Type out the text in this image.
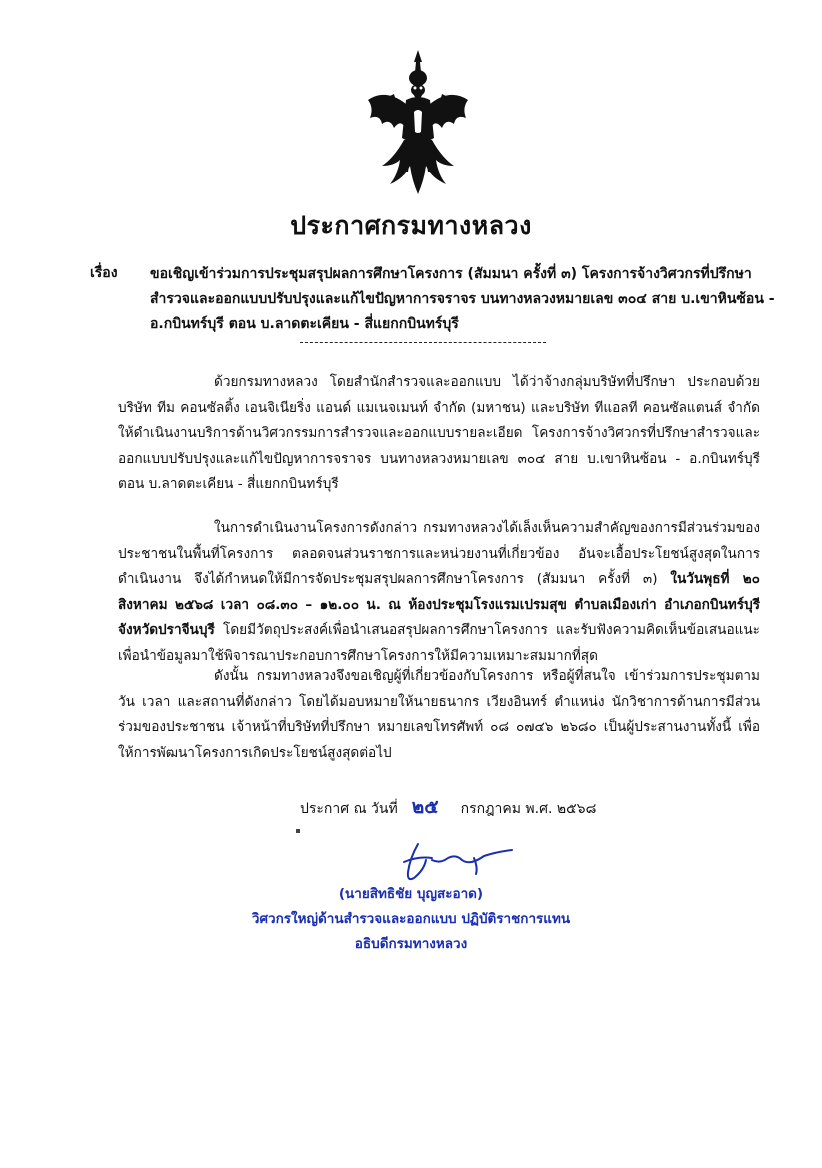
ประกาศกรมทางหลวง
เรื่อง ขอเชิญเข้าร่วมการประชุมสรุปผลการศึกษาโครงการ (สัมมนา ครั้งที่ ๓) โครงการจ้างวิศวกรที่ปรึกษาสำรวจและออกแบบปรับปรุงและแก้ไขปัญหาการจราจร บนทางหลวงหมายเลข ๓๐๔ สาย บ.เขาหินซ้อน - อ.กบินทร์บุรี ตอน บ.ลาดตะเคียน - สี่แยกกบินทร์บุรี
ด้วยกรมทางหลวง โดยสำนักสำรวจและออกแบบ ได้ว่าจ้างกลุ่มบริษัทที่ปรึกษา ประกอบด้วย บริษัท ทีม คอนซัลติ้ง เอนจิเนียริ่ง แอนด์ แมเนจเมนท์ จำกัด (มหาชน) และบริษัท ทีแอลที คอนซัลแตนส์ จำกัด ให้ดำเนินงานบริการด้านวิศวกรรมการสำรวจและออกแบบรายละเอียด โครงการจ้างวิศวกรที่ปรึกษาสำรวจและออกแบบปรับปรุงและแก้ไขปัญหาการจราจร บนทางหลวงหมายเลข ๓๐๔ สาย บ.เขาหินซ้อน - อ.กบินทร์บุรี ตอน บ.ลาดตะเคียน - สี่แยกกบินทร์บุรี
ในการดำเนินงานโครงการดังกล่าว กรมทางหลวงได้เล็งเห็นความสำคัญของการมีส่วนร่วมของประชาชนในพื้นที่โครงการ ตลอดจนส่วนราชการและหน่วยงานที่เกี่ยวข้อง อันจะเอื้อประโยชน์สูงสุดในการดำเนินงาน จึงได้กำหนดให้มีการจัดประชุมสรุปผลการศึกษาโครงการ (สัมมนา ครั้งที่ ๓) ในวันพุธที่ ๒๐ สิงหาคม ๒๕๖๘ เวลา ๐๘.๓๐ – ๑๒.๐๐ น. ณ ห้องประชุมโรงแรมเปรมสุข ตำบลเมืองเก่า อำเภอกบินทร์บุรี จังหวัดปราจีนบุรี โดยมีวัตถุประสงค์เพื่อนำเสนอสรุปผลการศึกษาโครงการ และรับฟังความคิดเห็นข้อเสนอแนะ เพื่อนำข้อมูลมาใช้พิจารณาประกอบการศึกษาโครงการให้มีความเหมาะสมมากที่สุด
ดังนั้น กรมทางหลวงจึงขอเชิญผู้ที่เกี่ยวข้องกับโครงการ หรือผู้ที่สนใจ เข้าร่วมการประชุมตามวัน เวลา และสถานที่ดังกล่าว โดยได้มอบหมายให้นายธนากร เวียงอินทร์ ตำแหน่ง นักวิชาการด้านการมีส่วนร่วมของประชาชน เจ้าหน้าที่บริษัทที่ปรึกษา หมายเลขโทรศัพท์ ๐๘ ๐๗๔๖ ๒๖๘๐ เป็นผู้ประสานงานทั้งนี้ เพื่อให้การพัฒนาโครงการเกิดประโยชน์สูงสุดต่อไป
ประกาศ ณ วันที่ ๒๕ กรกฎาคม พ.ศ. ๒๕๖๘
(นายสิทธิชัย บุญสะอาด)
วิศวกรใหญ่ด้านสำรวจและออกแบบ ปฏิบัติราชการแทน
อธิบดีกรมทางหลวง
